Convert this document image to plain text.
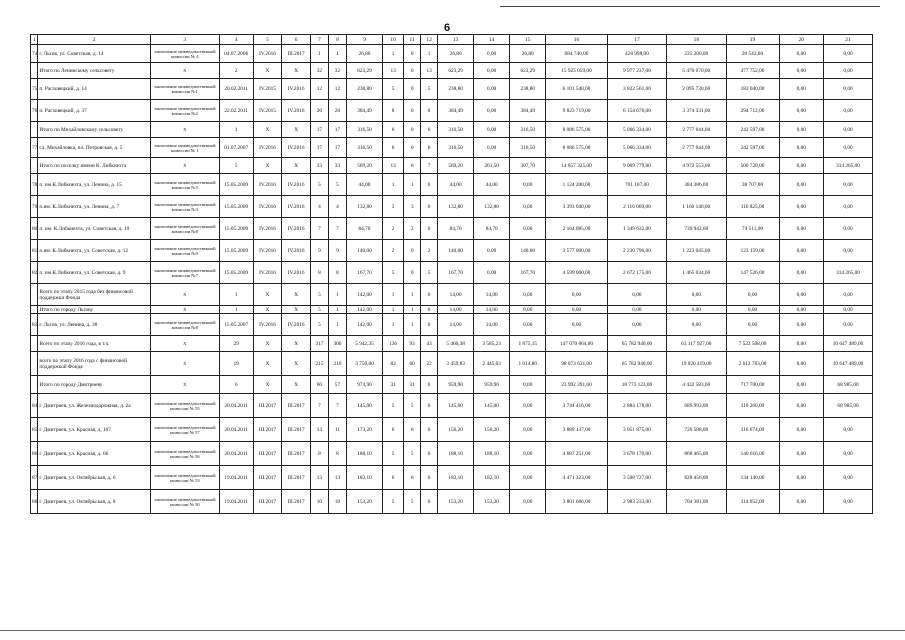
6
1	2	3	4	5	6	7	8	9	10	11	12	13	14	15	16	17	18	19	20	21
74	г. Льгов, ул. Советская, д. 14	заключение межведомственной комиссии № 4	04.07.2006	IV.2016	III.2017	1	1	26,80	1	0	1	26,80	0,00	26,80	684 740,00	428 998,00	235 200,00	20 542,00	0,00	0,00
	Итого по Ленинскому сельсовету	X	2	X	X	32	32	623,29	13	0	13	623,29	0,00	623,29	15 925 059,00	9 977 237,00	5 470 070,00	477 752,00	0,00	0,00
75	п. Расховецкий, д. 14	заключение межведомственной комиссии №1	20.02.2011	IV.2015	IV.2016	12	12	238,80	5	0	5	238,80	0,00	238,80	6 101 540,00	3 822 561,00	2 095 730,00	183 040,00	0,00	0,00
76	п. Расховецкий, д. 37	заключение межведомственной комиссии №2	22.02.2011	IV.2015	IV.2016	20	20	384,49	8	0	8	384,49	0,00	384,49	9 823 719,00	6 154 676,00	3 374 331,00	294 712,00	0,00	0,00
	Итого по Михайловскому сельсовету	X	1	X	X	17	17	316,50	6	0	6	316,50	0,00	316,50	8 086 575,00	5 066 334,00	2 777 644,00	242 597,00	0,00	0,00
77	сл. Михайловка, пл. Петровская, д. 5	заключение межведомственной комиссии № 1	01.07.2007	IV.2016	IV.2016	17	17	316,50	6	0	6	316,50	0,00	316,50	8 086 575,00	5 066 334,00	2 777 644,00	242 597,00	0,00	0,00
	Итого по поселку имени К. Либкнехта	X	5	X	X	33	33	569,20	13	6	7	569,20	261,50	307,70	14 857 325,00	9 069 779,00	4 972 553,00	500 728,00	0,00	314 265,00
78	п. им К.Либкнехта, ул. Ленина, д. 15	заключение межведомственной комиссии №5	15.05.2009	IV.2016	IV.2016	5	5	44,00	1	1	0	44,00	44,00	0,00	1 124 200,00	701 107,00	384 386,00	38 707,00	0,00	0,00
79	п.им. К.Либкнехта, ул. Ленина, д. 7	заключение межведомственной комиссии №3	15.05.2009	IV.2016	IV.2016	4	4	132,80	3	3	0	132,80	132,80	0,00	3 393 040,00	2 116 069,00	1 160 146,00	116 825,00	0,00	0,00
80	п. им. К.Либкнехта, ул. Советская, д. 10	заключение межведомственной комиссии №8	15.05.2009	IV.2016	IV.2016	7	7	84,70	2	2	0	84,70	84,70	0,00	2 164 085,00	1 349 632,00	739 942,00	74 511,00	0,00	0,00
81	п.им. К.Либкнехта, ул. Советская, д. 12	заключение межведомственной комиссии №9	15.05.2009	IV.2016	IV.2016	9	9	140,00	2	0	2	140,00	0,00	140,00	3 577 000,00	2 230 796,00	1 223 045,00	123 159,00	0,00	0,00
82	п. им К.Либкнехта, ул. Советская, д. 9	заключение межведомственной комиссии №7	15.05.2009	IV.2016	IV.2016	8	8	167,70	5	0	5	167,70	0,00	167,70	4 599 000,00	2 672 175,00	1 465 034,00	147 526,00	0,00	314 265,00
	Всего по этапу 2015 года без финансовой поддержки Фонда	X	1	X	X	5	1	142,00	1	1	0	14,00	14,00	0,00	0,00	0,00	0,00	0,00	0,00	0,00
	Итого по городу Льгову	X	1	X	X	5	1	142,00	1	1	0	14,00	14,00	0,00	0,00	0,00	0,00	0,00	0,00	0,00
83	г. Льгов, ул. Ленина, д. 38	заключение межведомственной комиссии №8	15.05.2007	IV.2016	IV.2016	5	1	142,00	1	1	0	14,00	14,00	0,00	0,00	0,00	0,00	0,00	0,00	0,00
	Всего по этапу 2016 года, в т.ч.	X	29	X	X	317	300	5 942,35	136	93	43	5 460,38	3 585,23	1 875,15	147 070 864,00	65 782 940,00	63 117 927,00	7 522 508,00	0,00	10 647 489,00
	всего по этапу 2016 года с финансовой поддержкой Фонда	X	19	X	X	215	210	3 750,00	82	60	22	3 459,83	2 445,03	1 014,80	98 073 631,00	65 782 940,00	19 020 419,00	2 612 783,00	0,00	10 647 489,00
	Итого по городу Дмитриеву	X	6	X	X	60	57	974,90	31	31	0	959,90	959,90	0,00	23 992 391,00	18 773 123,00	4 432 583,00	717 700,00	0,00	68 985,00
84	г. Дмитриев, ул. Железнодорожная, д. 2а	заключение межведомственной комиссии № 55	20.04.2011	III.2017	III.2017	7	7	145,00	5	5	0	145,00	145,00	0,00	3 744 416,00	2 884 178,00	689 993,00	110 260,00	0,00	68 985,00
85	г. Дмитриев, ул. Красная, д. 107	заключение межведомственной комиссии № 57	20.04.2011	III.2017	III.2017	14	11	173,20	6	6	0	156,20	156,20	0,00	3 889 137,00	3 051 875,00	720 588,00	116 674,00	0,00	0,00
86	г. Дмитриев, ул. Красная, д. 66	заключение межведомственной комиссии № 56	20.04.2011	III.2017	III.2017	8	8	188,10	5	5	0	188,10	188,10	0,00	4 687 251,00	3 678 170,00	868 465,00	140 616,00	0,00	0,00
87	г. Дмитриев, ул. Октябрьская, д. 6	заключение межведомственной комиссии № 53	19.04.2011	III.2017	III.2017	13	13	182,10	6	6	0	182,10	182,10	0,00	4 471 323,00	3 508 727,00	828 456,00	134 140,00	0,00	0,00
88	г. Дмитриев, ул. Октябрьская, д. 8	заключение межведомственной комиссии № 50	19.04.2011	III.2017	III.2017	10	10	153,20	5	5	0	153,20	153,20	0,00	3 801 666,00	2 983 233,00	704 381,00	114 052,00	0,00	0,00
